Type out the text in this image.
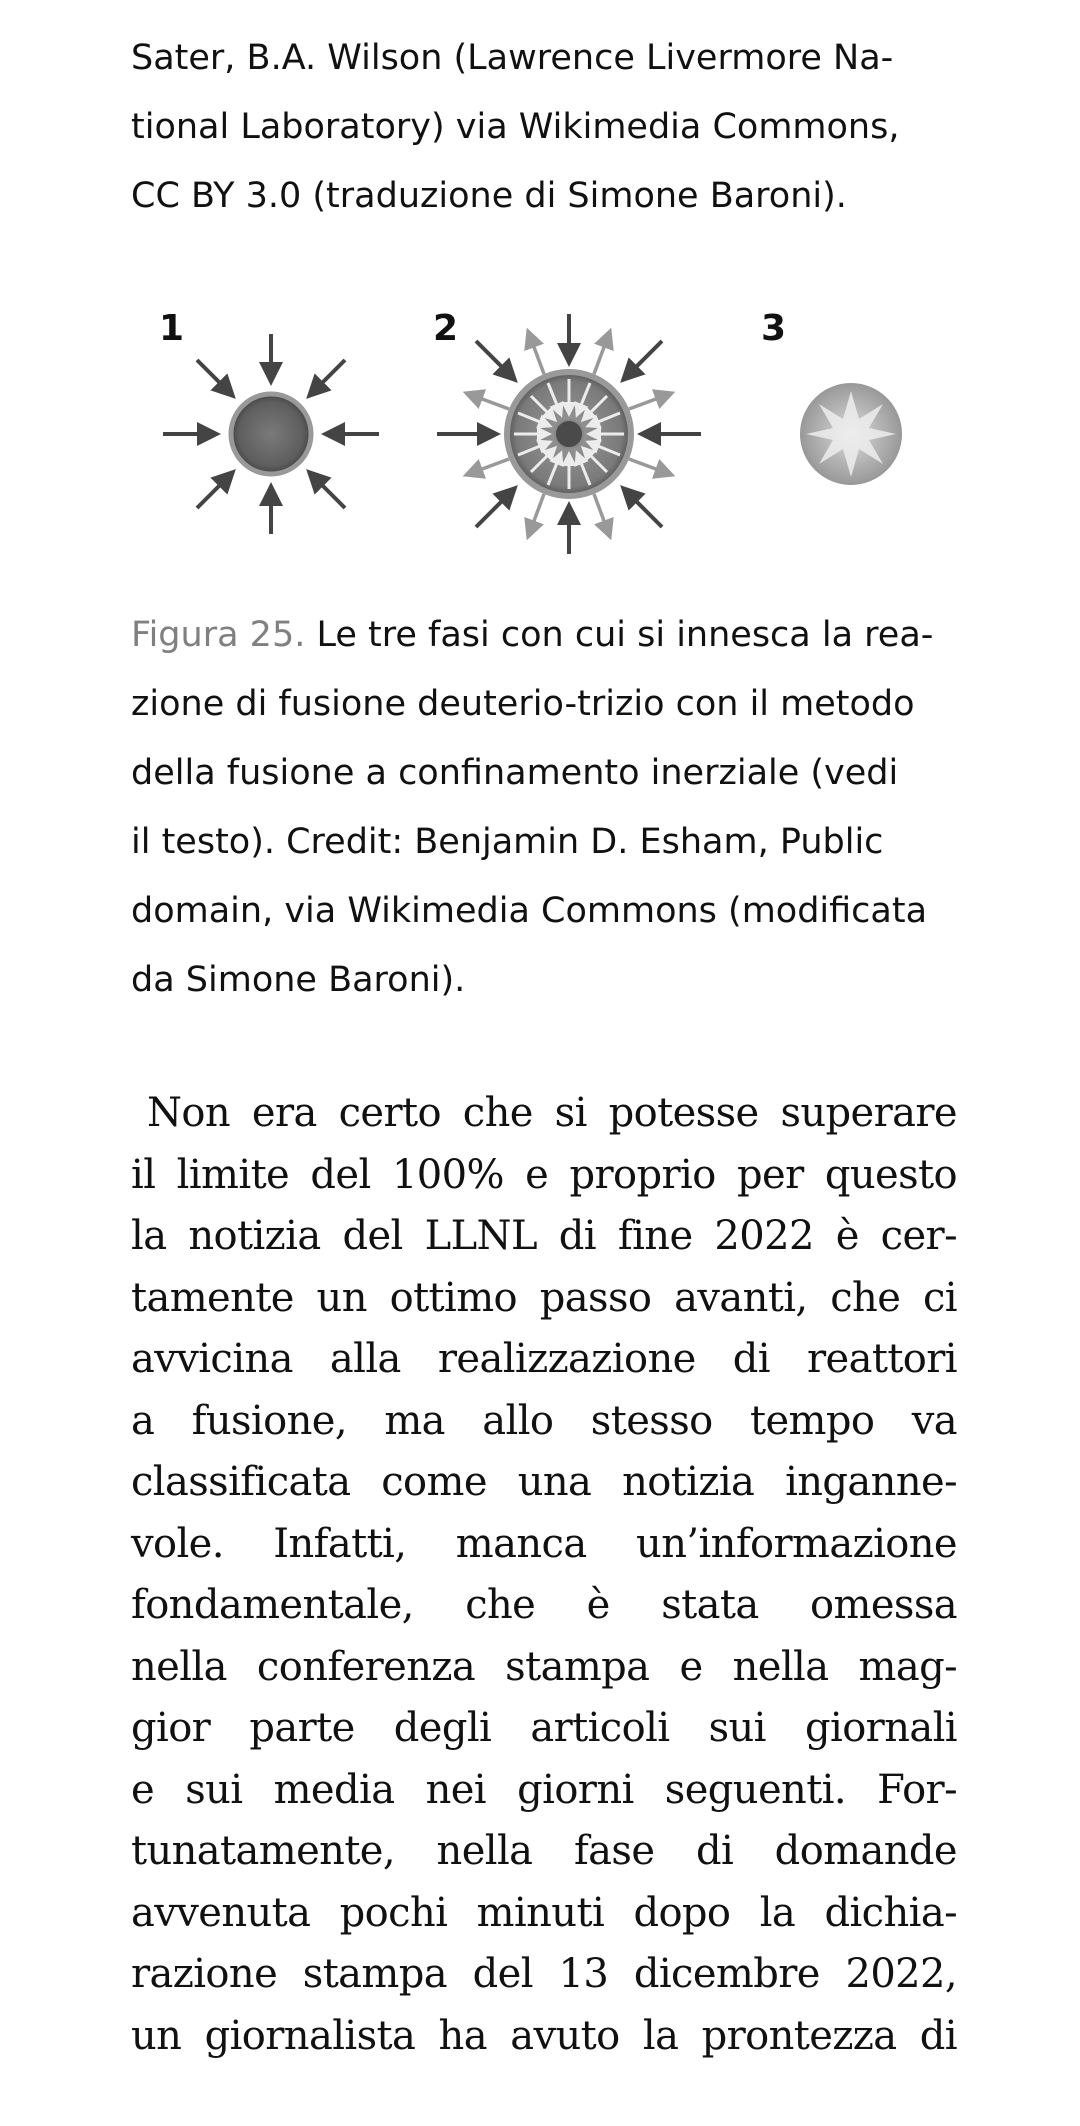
Sater, B.A. Wilson (Lawrence Livermore Na-
tional Laboratory) via Wikimedia Commons,
CC BY 3.0 (traduzione di Simone Baroni).

1	2	3

Figura 25. Le tre fasi con cui si innesca la rea-
zione di fusione deuterio-trizio con il metodo
della fusione a confinamento inerziale (vedi
il testo). Credit: Benjamin D. Esham, Public
domain, via Wikimedia Commons (modificata
da Simone Baroni).

Non era certo che si potesse superare
il limite del 100% e proprio per questo
la notizia del LLNL di fine 2022 è cer-
tamente un ottimo passo avanti, che ci
avvicina alla realizzazione di reattori
a fusione, ma allo stesso tempo va
classificata come una notizia inganne-
vole. Infatti, manca un’informazione
fondamentale, che è stata omessa
nella conferenza stampa e nella mag-
gior parte degli articoli sui giornali
e sui media nei giorni seguenti. For-
tunatamente, nella fase di domande
avvenuta pochi minuti dopo la dichia-
razione stampa del 13 dicembre 2022,
un giornalista ha avuto la prontezza di
